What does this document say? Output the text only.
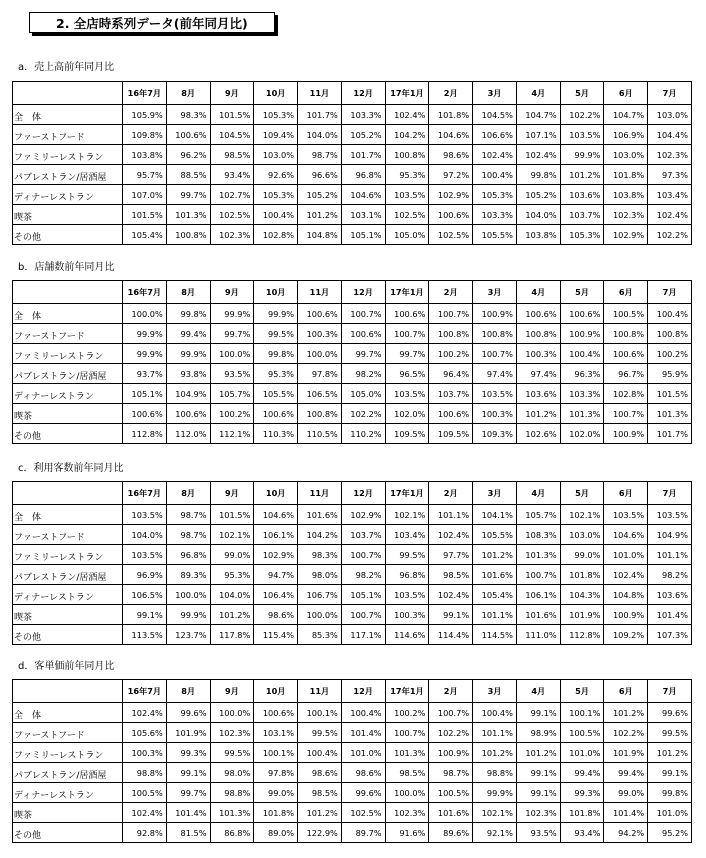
2. 全店時系列データ(前年同月比)
a．売上高前年同月比
	16年7月	8月	9月	10月	11月	12月	17年1月	2月	3月	4月	5月	6月	7月
全　体	105.9%	98.3%	101.5%	105.3%	101.7%	103.3%	102.4%	101.8%	104.5%	104.7%	102.2%	104.7%	103.0%
ファーストフード	109.8%	100.6%	104.5%	109.4%	104.0%	105.2%	104.2%	104.6%	106.6%	107.1%	103.5%	106.9%	104.4%
ファミリーレストラン	103.8%	96.2%	98.5%	103.0%	98.7%	101.7%	100.8%	98.6%	102.4%	102.4%	99.9%	103.0%	102.3%
パブレストラン/居酒屋	95.7%	88.5%	93.4%	92.6%	96.6%	96.8%	95.3%	97.2%	100.4%	99.8%	101.2%	101.8%	97.3%
ディナーレストラン	107.0%	99.7%	102.7%	105.3%	105.2%	104.6%	103.5%	102.9%	105.3%	105.2%	103.6%	103.8%	103.4%
喫茶	101.5%	101.3%	102.5%	100.4%	101.2%	103.1%	102.5%	100.6%	103.3%	104.0%	103.7%	102.3%	102.4%
その他	105.4%	100.8%	102.3%	102.8%	104.8%	105.1%	105.0%	102.5%	105.5%	103.8%	105.3%	102.9%	102.2%
b．店舗数前年同月比
	16年7月	8月	9月	10月	11月	12月	17年1月	2月	3月	4月	5月	6月	7月
全　体	100.0%	99.8%	99.9%	99.9%	100.6%	100.7%	100.6%	100.7%	100.9%	100.6%	100.6%	100.5%	100.4%
ファーストフード	99.9%	99.4%	99.7%	99.5%	100.3%	100.6%	100.7%	100.8%	100.8%	100.8%	100.9%	100.8%	100.8%
ファミリーレストラン	99.9%	99.9%	100.0%	99.8%	100.0%	99.7%	99.7%	100.2%	100.7%	100.3%	100.4%	100.6%	100.2%
パブレストラン/居酒屋	93.7%	93.8%	93.5%	95.3%	97.8%	98.2%	96.5%	96.4%	97.4%	97.4%	96.3%	96.7%	95.9%
ディナーレストラン	105.1%	104.9%	105.7%	105.5%	106.5%	105.0%	103.5%	103.7%	103.5%	103.6%	103.3%	102.8%	101.5%
喫茶	100.6%	100.6%	100.2%	100.6%	100.8%	102.2%	102.0%	100.6%	100.3%	101.2%	101.3%	100.7%	101.3%
その他	112.8%	112.0%	112.1%	110.3%	110.5%	110.2%	109.5%	109.5%	109.3%	102.6%	102.0%	100.9%	101.7%
c．利用客数前年同月比
	16年7月	8月	9月	10月	11月	12月	17年1月	2月	3月	4月	5月	6月	7月
全　体	103.5%	98.7%	101.5%	104.6%	101.6%	102.9%	102.1%	101.1%	104.1%	105.7%	102.1%	103.5%	103.5%
ファーストフード	104.0%	98.7%	102.1%	106.1%	104.2%	103.7%	103.4%	102.4%	105.5%	108.3%	103.0%	104.6%	104.9%
ファミリーレストラン	103.5%	96.8%	99.0%	102.9%	98.3%	100.7%	99.5%	97.7%	101.2%	101.3%	99.0%	101.0%	101.1%
パブレストラン/居酒屋	96.9%	89.3%	95.3%	94.7%	98.0%	98.2%	96.8%	98.5%	101.6%	100.7%	101.8%	102.4%	98.2%
ディナーレストラン	106.5%	100.0%	104.0%	106.4%	106.7%	105.1%	103.5%	102.4%	105.4%	106.1%	104.3%	104.8%	103.6%
喫茶	99.1%	99.9%	101.2%	98.6%	100.0%	100.7%	100.3%	99.1%	101.1%	101.6%	101.9%	100.9%	101.4%
その他	113.5%	123.7%	117.8%	115.4%	85.3%	117.1%	114.6%	114.4%	114.5%	111.0%	112.8%	109.2%	107.3%
d．客単価前年同月比
	16年7月	8月	9月	10月	11月	12月	17年1月	2月	3月	4月	5月	6月	7月
全　体	102.4%	99.6%	100.0%	100.6%	100.1%	100.4%	100.2%	100.7%	100.4%	99.1%	100.1%	101.2%	99.6%
ファーストフード	105.6%	101.9%	102.3%	103.1%	99.5%	101.4%	100.7%	102.2%	101.1%	98.9%	100.5%	102.2%	99.5%
ファミリーレストラン	100.3%	99.3%	99.5%	100.1%	100.4%	101.0%	101.3%	100.9%	101.2%	101.2%	101.0%	101.9%	101.2%
パブレストラン/居酒屋	98.8%	99.1%	98.0%	97.8%	98.6%	98.6%	98.5%	98.7%	98.8%	99.1%	99.4%	99.4%	99.1%
ディナーレストラン	100.5%	99.7%	98.8%	99.0%	98.5%	99.6%	100.0%	100.5%	99.9%	99.1%	99.3%	99.0%	99.8%
喫茶	102.4%	101.4%	101.3%	101.8%	101.2%	102.5%	102.3%	101.6%	102.1%	102.3%	101.8%	101.4%	101.0%
その他	92.8%	81.5%	86.8%	89.0%	122.9%	89.7%	91.6%	89.6%	92.1%	93.5%	93.4%	94.2%	95.2%
